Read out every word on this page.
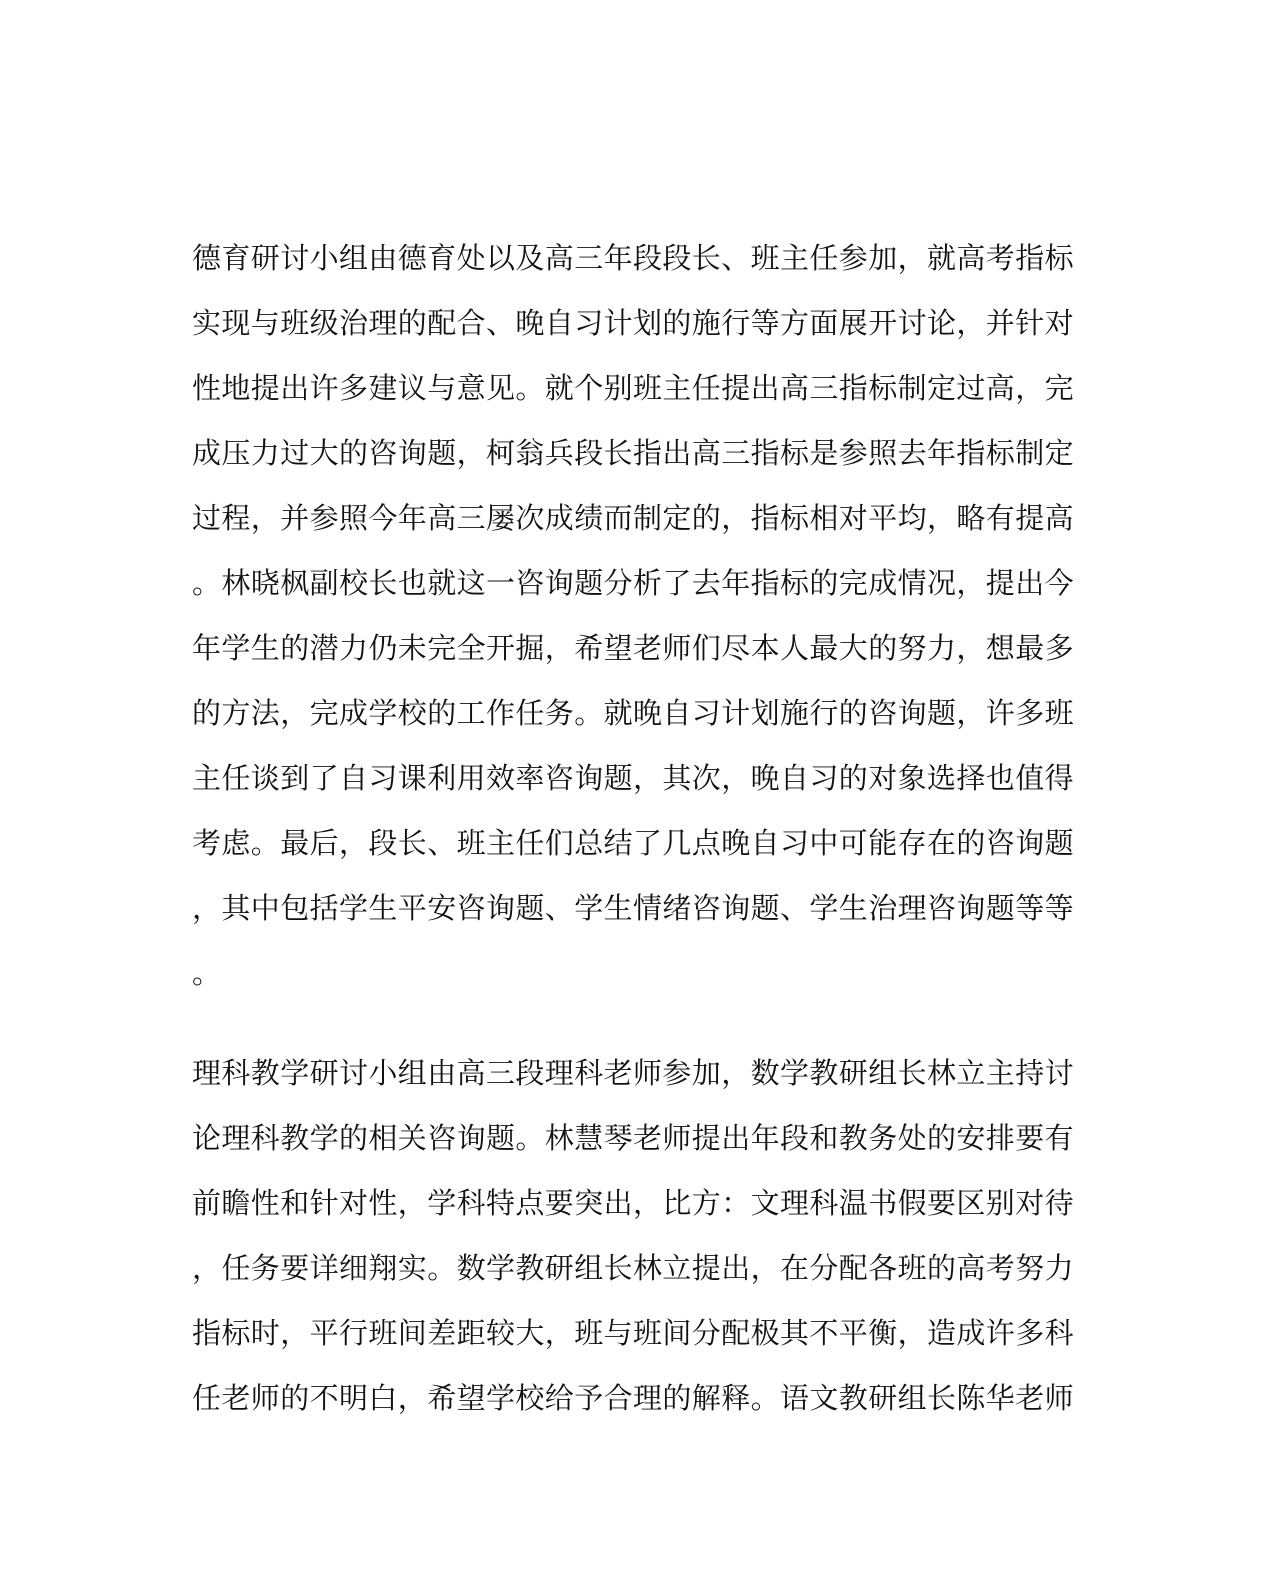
德育研讨小组由德育处以及高三年段段长、班主任参加，就高考指标
实现与班级治理的配合、晚自习计划的施行等方面展开讨论，并针对
性地提出许多建议与意见。就个别班主任提出高三指标制定过高，完
成压力过大的咨询题，柯翁兵段长指出高三指标是参照去年指标制定
过程，并参照今年高三屡次成绩而制定的，指标相对平均，略有提高
。林晓枫副校长也就这一咨询题分析了去年指标的完成情况，提出今
年学生的潜力仍未完全开掘，希望老师们尽本人最大的努力，想最多
的方法，完成学校的工作任务。就晚自习计划施行的咨询题，许多班
主任谈到了自习课利用效率咨询题，其次，晚自习的对象选择也值得
考虑。最后，段长、班主任们总结了几点晚自习中可能存在的咨询题
，其中包括学生平安咨询题、学生情绪咨询题、学生治理咨询题等等
。
理科教学研讨小组由高三段理科老师参加，数学教研组长林立主持讨
论理科教学的相关咨询题。林慧琴老师提出年段和教务处的安排要有
前瞻性和针对性，学科特点要突出，比方：文理科温书假要区别对待
，任务要详细翔实。数学教研组长林立提出，在分配各班的高考努力
指标时，平行班间差距较大，班与班间分配极其不平衡，造成许多科
任老师的不明白，希望学校给予合理的解释。语文教研组长陈华老师
